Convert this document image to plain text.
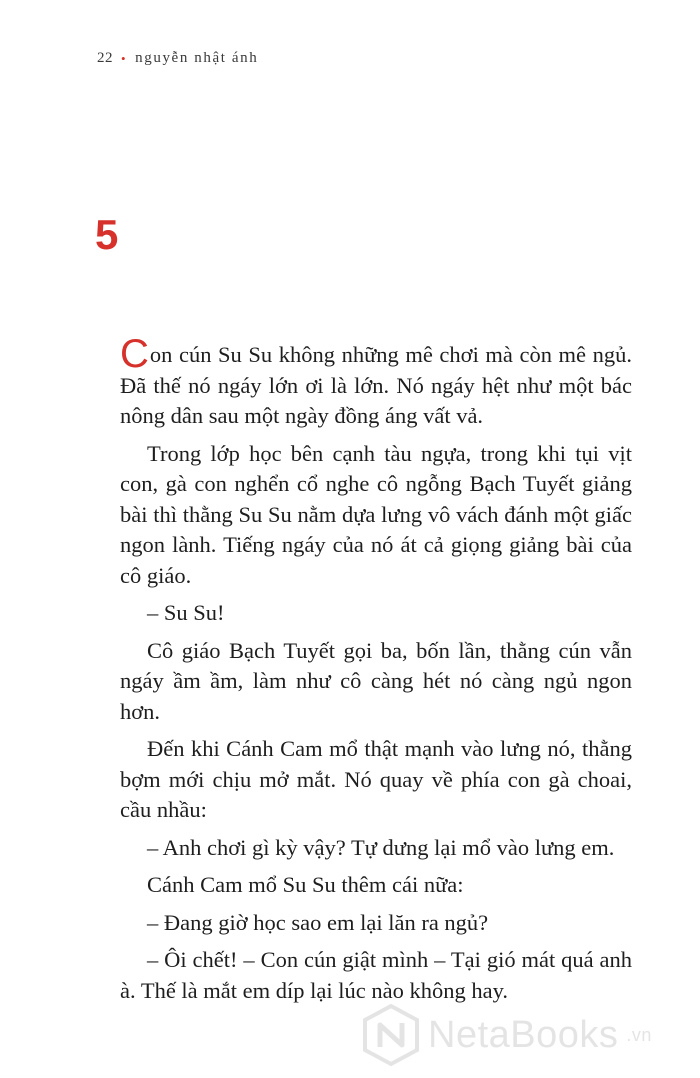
22 • nguyễn nhật ánh
5

Con cún Su Su không những mê chơi mà còn mê ngủ. Đã thế nó ngáy lớn ơi là lớn. Nó ngáy hệt như một bác nông dân sau một ngày đồng áng vất vả.

Trong lớp học bên cạnh tàu ngựa, trong khi tụi vịt con, gà con nghển cổ nghe cô ngỗng Bạch Tuyết giảng bài thì thằng Su Su nằm dựa lưng vô vách đánh một giấc ngon lành. Tiếng ngáy của nó át cả giọng giảng bài của cô giáo.

– Su Su!

Cô giáo Bạch Tuyết gọi ba, bốn lần, thằng cún vẫn ngáy ầm ầm, làm như cô càng hét nó càng ngủ ngon hơn.

Đến khi Cánh Cam mổ thật mạnh vào lưng nó, thằng bợm mới chịu mở mắt. Nó quay về phía con gà choai, cầu nhầu:

– Anh chơi gì kỳ vậy? Tự dưng lại mổ vào lưng em.

Cánh Cam mổ Su Su thêm cái nữa:

– Đang giờ học sao em lại lăn ra ngủ?

– Ôi chết! – Con cún giật mình – Tại gió mát quá anh à. Thế là mắt em díp lại lúc nào không hay.

NetaBooks .vn
